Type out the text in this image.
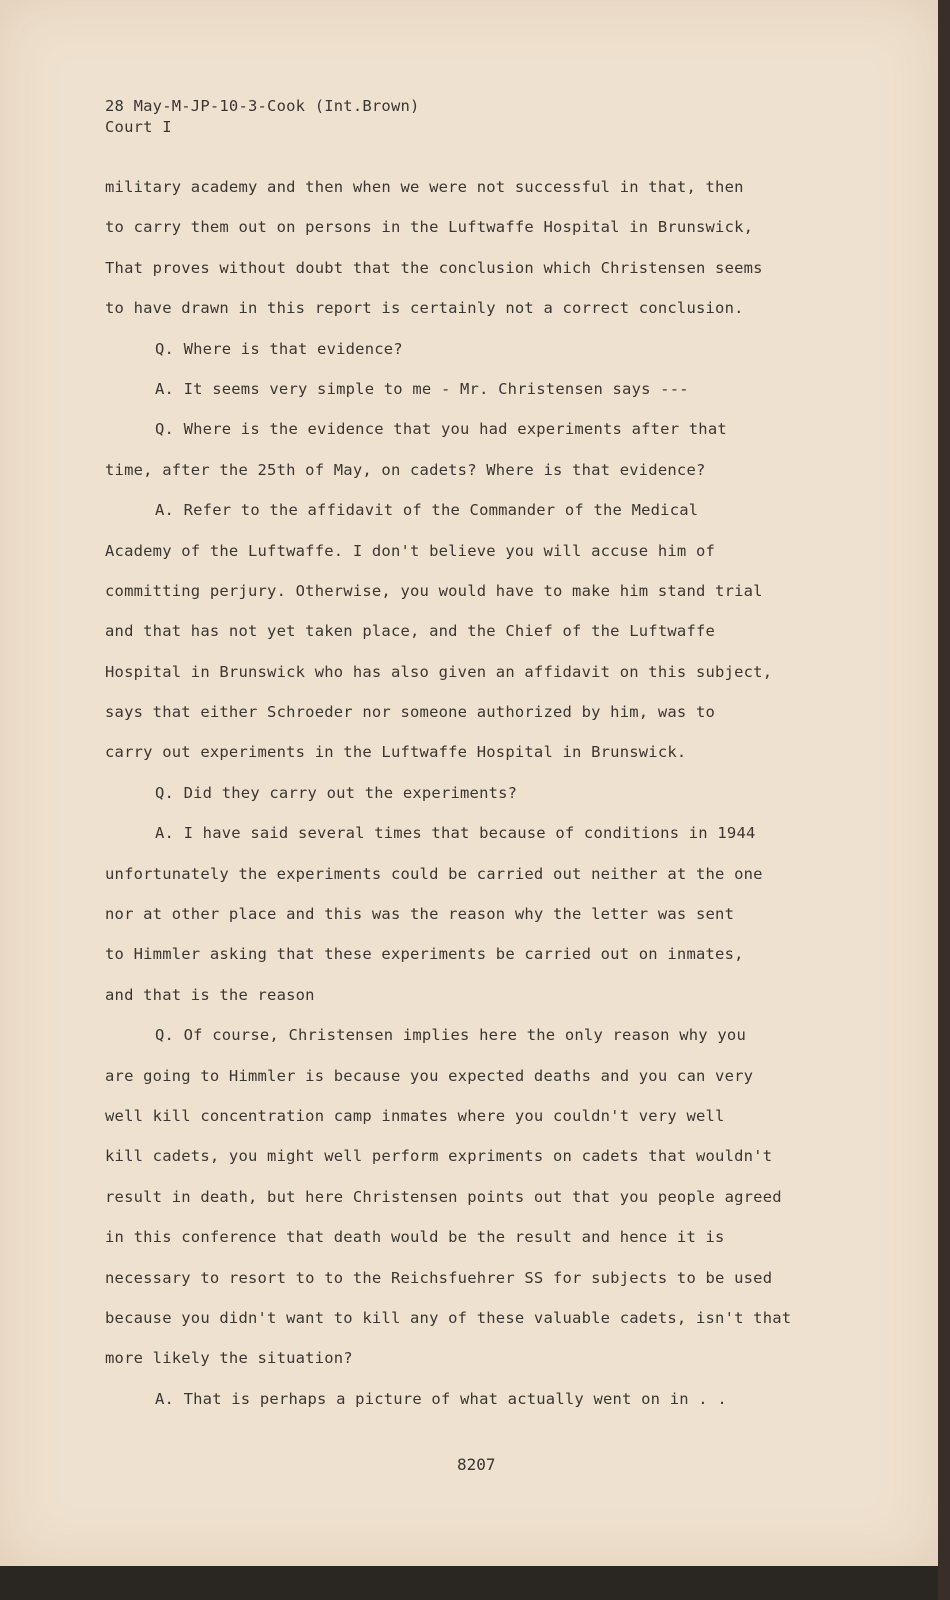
28 May-M-JP-10-3-Cook (Int.Brown)
Court I
military academy and then when we were not successful in that, then
to carry them out on persons in the Luftwaffe Hospital in Brunswick,
That proves without doubt that the conclusion which Christensen seems
to have drawn in this report is certainly not a correct conclusion.
Q. Where is that evidence?
A. It seems very simple to me - Mr. Christensen says ---
Q. Where is the evidence that you had experiments after that
time, after the 25th of May, on cadets? Where is that evidence?
A. Refer to the affidavit of the Commander of the Medical
Academy of the Luftwaffe. I don't believe you will accuse him of
committing perjury. Otherwise, you would have to make him stand trial
and that has not yet taken place, and the Chief of the Luftwaffe
Hospital in Brunswick who has also given an affidavit on this subject,
says that either Schroeder nor someone authorized by him, was to
carry out experiments in the Luftwaffe Hospital in Brunswick.
Q. Did they carry out the experiments?
A. I have said several times that because of conditions in 1944
unfortunately the experiments could be carried out neither at the one
nor at other place and this was the reason why the letter was sent
to Himmler asking that these experiments be carried out on inmates,
and that is the reason
Q. Of course, Christensen implies here the only reason why you
are going to Himmler is because you expected deaths and you can very
well kill concentration camp inmates where you couldn't very well
kill cadets, you might well perform expriments on cadets that wouldn't
result in death, but here Christensen points out that you people agreed
in this conference that death would be the result and hence it is
necessary to resort to to the Reichsfuehrer SS for subjects to be used
because you didn't want to kill any of these valuable cadets, isn't that
more likely the situation?
A. That is perhaps a picture of what actually went on in . .
8207
